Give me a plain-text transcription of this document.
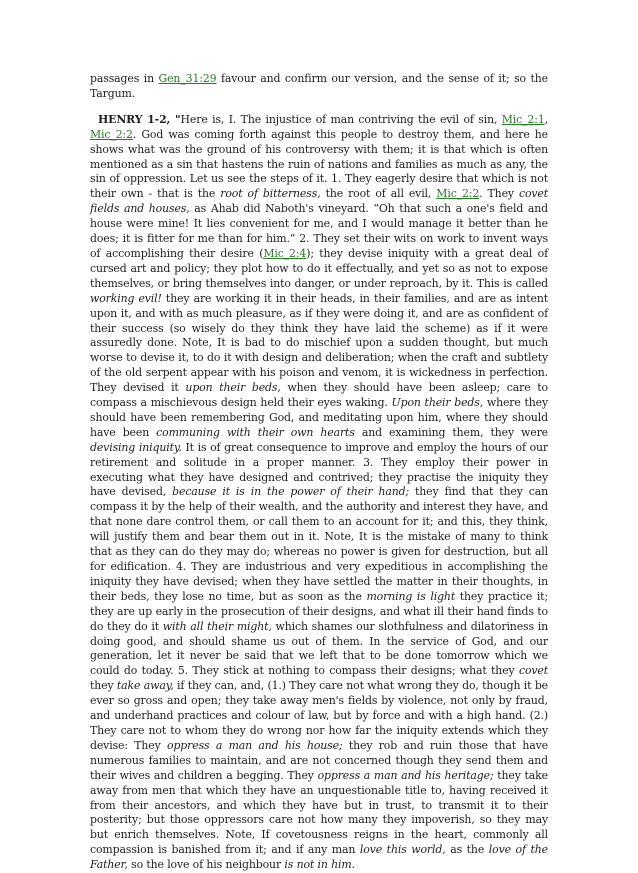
passages in Gen_31:29 favour and confirm our version, and the sense of it; so the Targum.

HENRY 1-2, "Here is, I. The injustice of man contriving the evil of sin, Mic_2:1, Mic_2:2. God was coming forth against this people to destroy them, and here he shows what was the ground of his controversy with them; it is that which is often mentioned as a sin that hastens the ruin of nations and families as much as any, the sin of oppression. Let us see the steps of it. 1. They eagerly desire that which is not their own - that is the root of bitterness, the root of all evil, Mic_2:2. They covet fields and houses, as Ahab did Naboth's vineyard. “Oh that such a one's field and house were mine! It lies convenient for me, and I would manage it better than he does; it is fitter for me than for him.” 2. They set their wits on work to invent ways of accomplishing their desire (Mic_2:4); they devise iniquity with a great deal of cursed art and policy; they plot how to do it effectually, and yet so as not to expose themselves, or bring themselves into danger, or under reproach, by it. This is called working evil! they are working it in their heads, in their families, and are as intent upon it, and with as much pleasure, as if they were doing it, and are as confident of their success (so wisely do they think they have laid the scheme) as if it were assuredly done. Note, It is bad to do mischief upon a sudden thought, but much worse to devise it, to do it with design and deliberation; when the craft and subtlety of the old serpent appear with his poison and venom, it is wickedness in perfection. They devised it upon their beds, when they should have been asleep; care to compass a mischievous design held their eyes waking. Upon their beds, where they should have been remembering God, and meditating upon him, where they should have been communing with their own hearts and examining them, they were devising iniquity. It is of great consequence to improve and employ the hours of our retirement and solitude in a proper manner. 3. They employ their power in executing what they have designed and contrived; they practise the iniquity they have devised, because it is in the power of their hand; they find that they can compass it by the help of their wealth, and the authority and interest they have, and that none dare control them, or call them to an account for it; and this, they think, will justify them and bear them out in it. Note, It is the mistake of many to think that as they can do they may do; whereas no power is given for destruction, but all for edification. 4. They are industrious and very expeditious in accomplishing the iniquity they have devised; when they have settled the matter in their thoughts, in their beds, they lose no time, but as soon as the morning is light they practice it; they are up early in the prosecution of their designs, and what ill their hand finds to do they do it with all their might, which shames our slothfulness and dilatoriness in doing good, and should shame us out of them. In the service of God, and our generation, let it never be said that we left that to be done tomorrow which we could do today. 5. They stick at nothing to compass their designs; what they covet they take away, if they can, and, (1.) They care not what wrong they do, though it be ever so gross and open; they take away men's fields by violence, not only by fraud, and underhand practices and colour of law, but by force and with a high hand. (2.) They care not to whom they do wrong nor how far the iniquity extends which they devise: They oppress a man and his house; they rob and ruin those that have numerous families to maintain, and are not concerned though they send them and their wives and children a begging. They oppress a man and his heritage; they take away from men that which they have an unquestionable title to, having received it from their ancestors, and which they have but in trust, to transmit it to their posterity; but those oppressors care not how many they impoverish, so they may but enrich themselves. Note, If covetousness reigns in the heart, commonly all compassion is banished from it; and if any man love this world, as the love of the Father, so the love of his neighbour is not in him.
